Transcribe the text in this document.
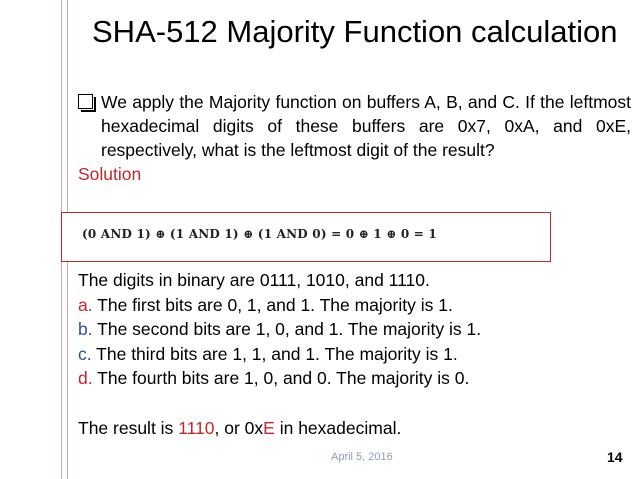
SHA-512 Majority Function calculation
We apply the Majority function on buffers A, B, and C. If the leftmost hexadecimal digits of these buffers are 0x7, 0xA, and 0xE, respectively, what is the leftmost digit of the result?
Solution
(0 AND 1) ⊕ (1 AND 1) ⊕ (1 AND 0) = 0 ⊕ 1 ⊕ 0 = 1
The digits in binary are 0111, 1010, and 1110.
a. The first bits are 0, 1, and 1. The majority is 1.
b. The second bits are 1, 0, and 1. The majority is 1.
c. The third bits are 1, 1, and 1. The majority is 1.
d. The fourth bits are 1, 0, and 0. The majority is 0.
The result is 1110, or 0xE in hexadecimal.
April 5, 2016	14
